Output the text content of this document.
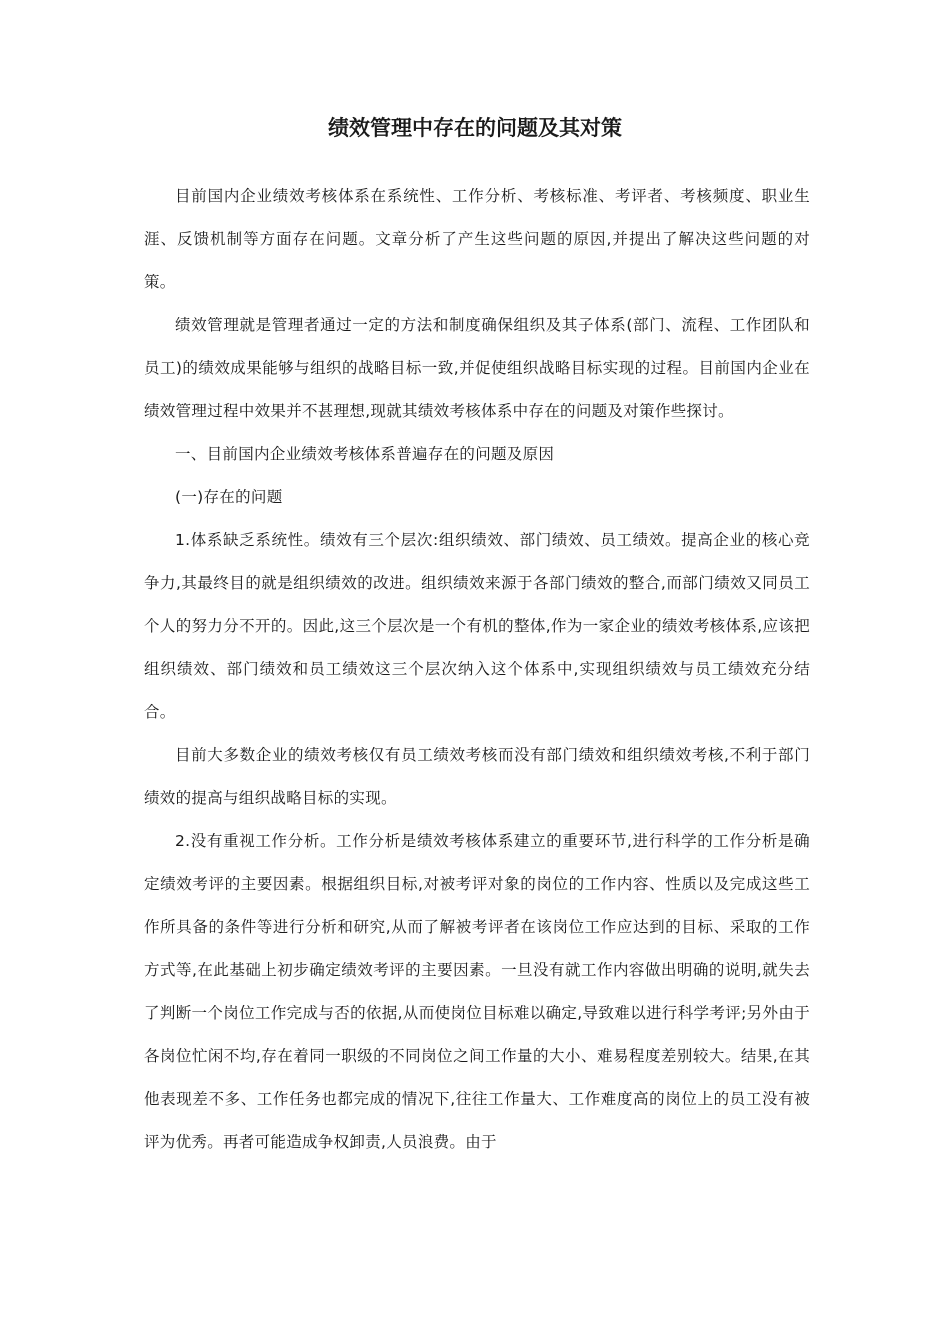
绩效管理中存在的问题及其对策

目前国内企业绩效考核体系在系统性、工作分析、考核标准、考评者、考核频度、职业生涯、反馈机制等方面存在问题。文章分析了产生这些问题的原因,并提出了解决这些问题的对策。

绩效管理就是管理者通过一定的方法和制度确保组织及其子体系(部门、流程、工作团队和员工)的绩效成果能够与组织的战略目标一致,并促使组织战略目标实现的过程。目前国内企业在绩效管理过程中效果并不甚理想,现就其绩效考核体系中存在的问题及对策作些探讨。

一、目前国内企业绩效考核体系普遍存在的问题及原因

(一)存在的问题

1.体系缺乏系统性。绩效有三个层次:组织绩效、部门绩效、员工绩效。提高企业的核心竞争力,其最终目的就是组织绩效的改进。组织绩效来源于各部门绩效的整合,而部门绩效又同员工个人的努力分不开的。因此,这三个层次是一个有机的整体,作为一家企业的绩效考核体系,应该把组织绩效、部门绩效和员工绩效这三个层次纳入这个体系中,实现组织绩效与员工绩效充分结合。

目前大多数企业的绩效考核仅有员工绩效考核而没有部门绩效和组织绩效考核,不利于部门绩效的提高与组织战略目标的实现。

2.没有重视工作分析。工作分析是绩效考核体系建立的重要环节,进行科学的工作分析是确定绩效考评的主要因素。根据组织目标,对被考评对象的岗位的工作内容、性质以及完成这些工作所具备的条件等进行分析和研究,从而了解被考评者在该岗位工作应达到的目标、采取的工作方式等,在此基础上初步确定绩效考评的主要因素。一旦没有就工作内容做出明确的说明,就失去了判断一个岗位工作完成与否的依据,从而使岗位目标难以确定,导致难以进行科学考评;另外由于各岗位忙闲不均,存在着同一职级的不同岗位之间工作量的大小、难易程度差别较大。结果,在其他表现差不多、工作任务也都完成的情况下,往往工作量大、工作难度高的岗位上的员工没有被评为优秀。再者可能造成争权卸责,人员浪费。由于
